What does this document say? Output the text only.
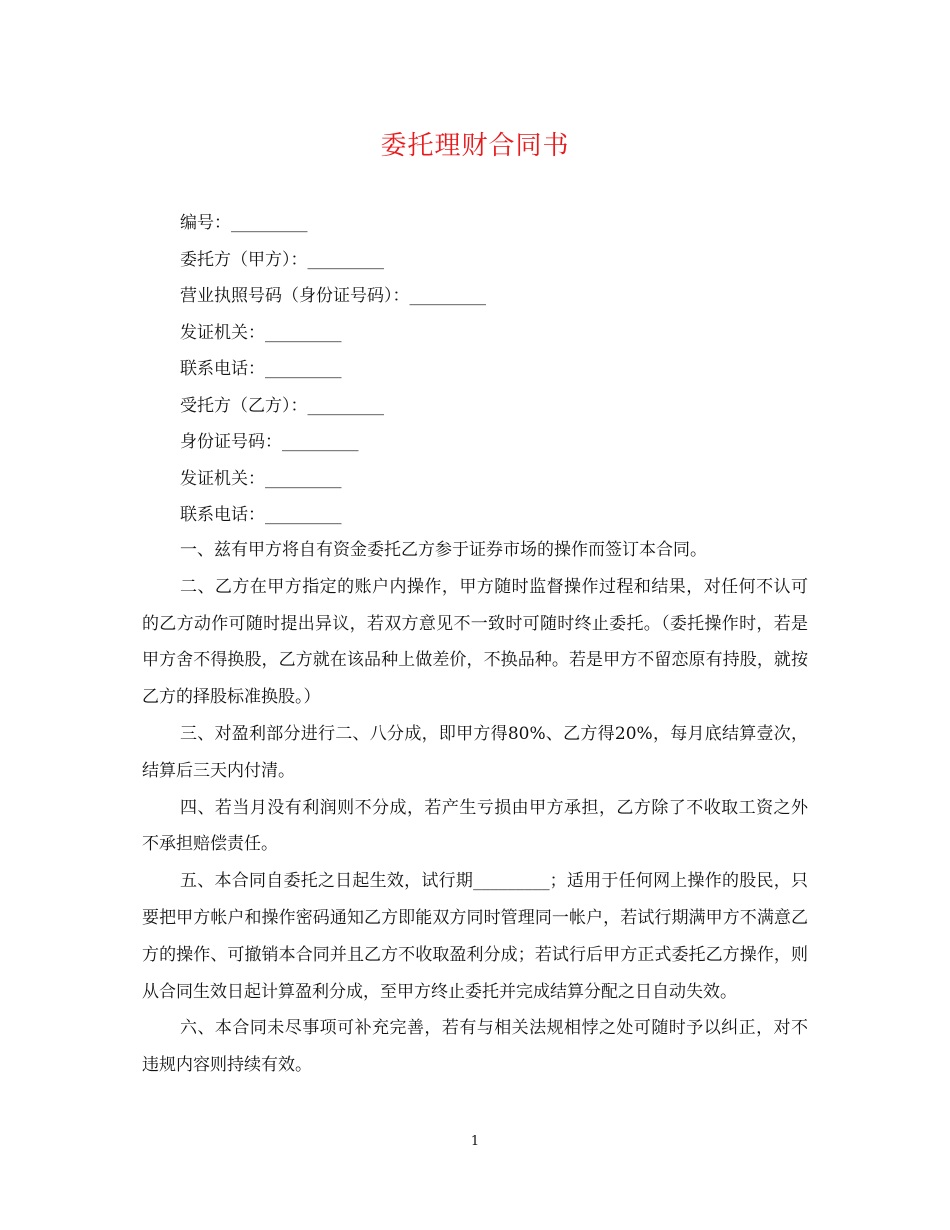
委托理财合同书
编号：_________
委托方（甲方）：_________
营业执照号码（身份证号码）：_________
发证机关：_________
联系电话：_________
受托方（乙方）：_________
身份证号码：_________
发证机关：_________
联系电话：_________

一、兹有甲方将自有资金委托乙方参于证券市场的操作而签订本合同。

二、乙方在甲方指定的账户内操作，甲方随时监督操作过程和结果，对任何不认可的乙方动作可随时提出异议，若双方意见不一致时可随时终止委托。（委托操作时，若是甲方舍不得换股，乙方就在该品种上做差价，不换品种。若是甲方不留恋原有持股，就按乙方的择股标准换股。）

三、对盈利部分进行二、八分成，即甲方得80%、乙方得20%，每月底结算壹次，结算后三天内付清。

四、若当月没有利润则不分成，若产生亏损由甲方承担，乙方除了不收取工资之外不承担赔偿责任。

五、本合同自委托之日起生效，试行期_________；适用于任何网上操作的股民，只要把甲方帐户和操作密码通知乙方即能双方同时管理同一帐户，若试行期满甲方不满意乙方的操作、可撤销本合同并且乙方不收取盈利分成；若试行后甲方正式委托乙方操作，则从合同生效日起计算盈利分成，至甲方终止委托并完成结算分配之日自动失效。

六、本合同未尽事项可补充完善，若有与相关法规相悖之处可随时予以纠正，对不违规内容则持续有效。

1
